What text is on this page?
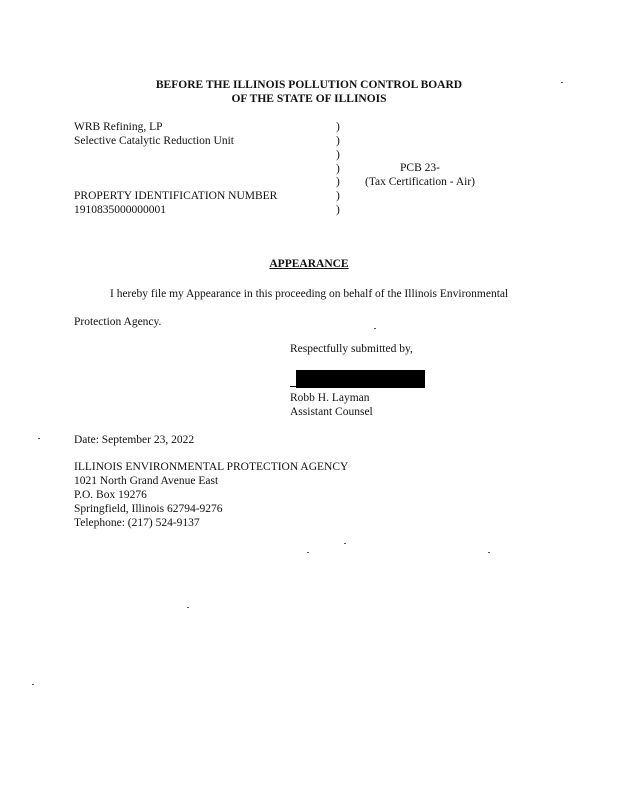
BEFORE THE ILLINOIS POLLUTION CONTROL BOARD
OF THE STATE OF ILLINOIS
WRB Refining, LP
Selective Catalytic Reduction Unit
PROPERTY IDENTIFICATION NUMBER
1910835000000001
)
)
)
)
)
)
)
PCB 23-
(Tax Certification - Air)
APPEARANCE
I hereby file my Appearance in this proceeding on behalf of the Illinois Environmental
Protection Agency.
Respectfully submitted by,
Robb H. Layman
Assistant Counsel
Date: September 23, 2022
ILLINOIS ENVIRONMENTAL PROTECTION AGENCY
1021 North Grand Avenue East
P.O. Box 19276
Springfield, Illinois 62794-9276
Telephone: (217) 524-9137
